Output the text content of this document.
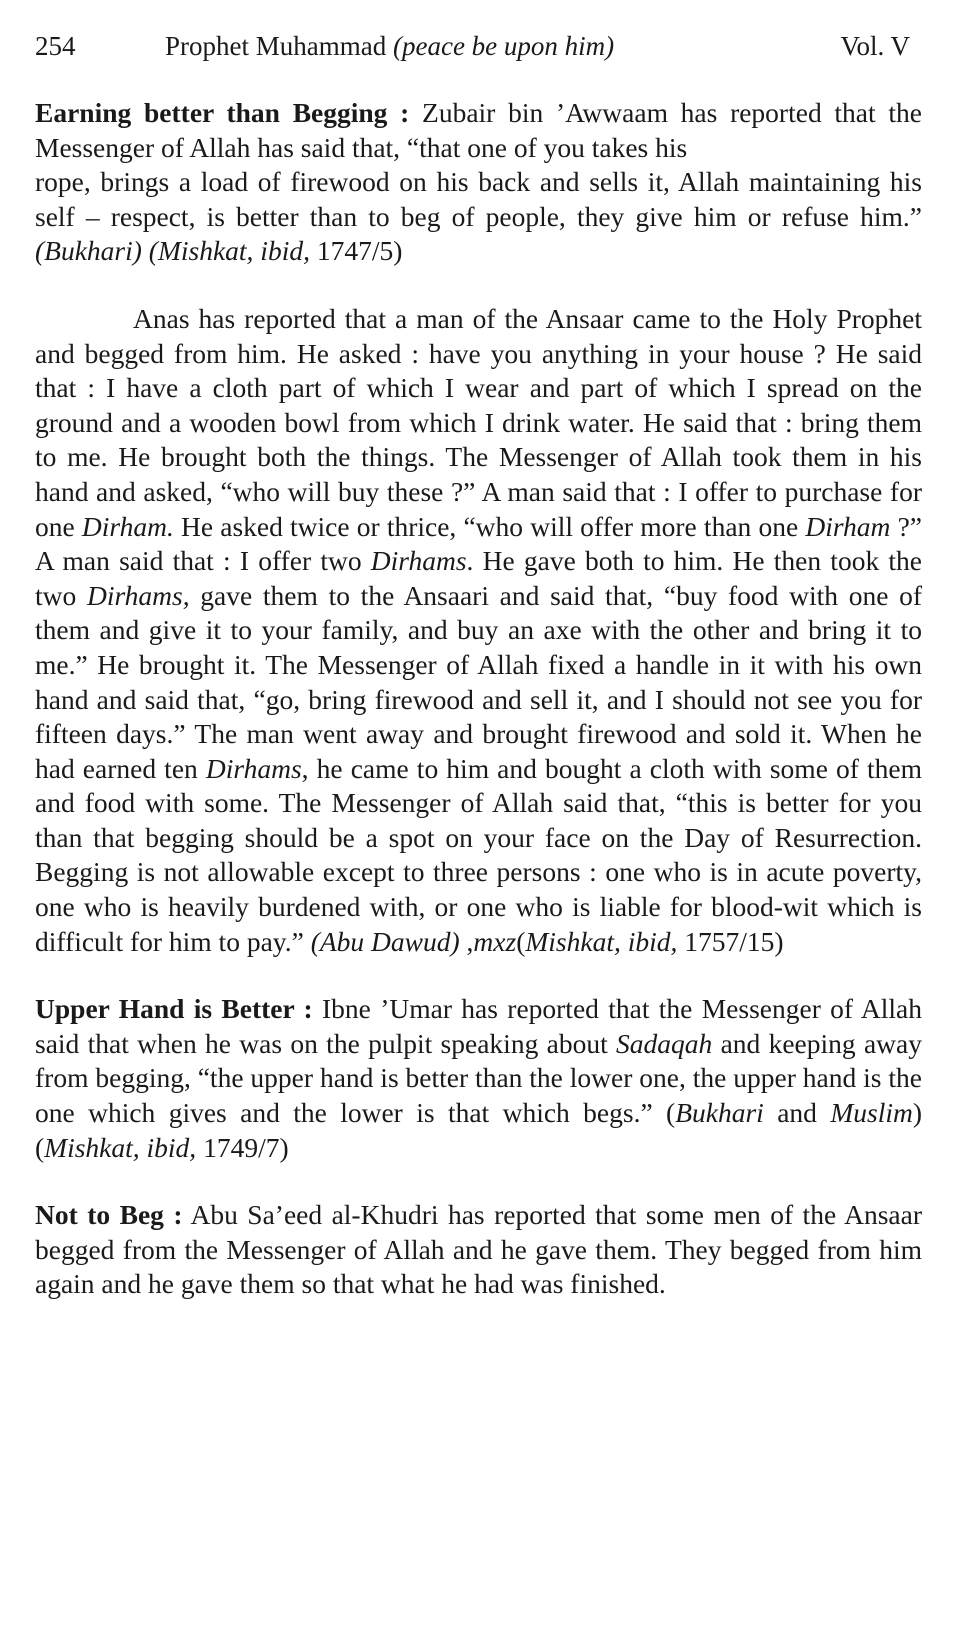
254	Prophet Muhammad (peace be upon him)	Vol. V

Earning better than Begging : Zubair bin ’Awwaam has reported that the Messenger of Allah has said that, “that one of you takes his

rope, brings a load of firewood on his back and sells it, Allah maintaining his self – respect, is better than to beg of people, they give him or refuse him.” (Bukhari) (Mishkat, ibid, 1747/5)

Anas has reported that a man of the Ansaar came to the Holy Prophet and begged from him. He asked : have you anything in your house ? He said that : I have a cloth part of which I wear and part of which I spread on the ground and a wooden bowl from which I drink water. He said that : bring them to me. He brought both the things. The Messenger of Allah took them in his hand and asked, “who will buy these ?” A man said that : I offer to purchase for one Dirham. He asked twice or thrice, “who will offer more than one Dirham ?” A man said that : I offer two Dirhams. He gave both to him. He then took the two Dirhams, gave them to the Ansaari and said that, “buy food with one of them and give it to your family, and buy an axe with the other and bring it to me.” He brought it. The Messenger of Allah fixed a handle in it with his own hand and said that, “go, bring firewood and sell it, and I should not see you for fifteen days.” The man went away and brought firewood and sold it. When he had earned ten Dirhams, he came to him and bought a cloth with some of them and food with some. The Messenger of Allah said that, “this is better for you than that begging should be a spot on your face on the Day of Resurrection. Begging is not allowable except to three persons : one who is in acute poverty, one who is heavily burdened with, or one who is liable for blood-wit which is difficult for him to pay.” (Abu Dawud) ,mxz(Mishkat, ibid, 1757/15)

Upper Hand is Better : Ibne ’Umar has reported that the Messenger of Allah said that when he was on the pulpit speaking about Sadaqah and keeping away from begging, “the upper hand is better than the lower one, the upper hand is the one which gives and the lower is that which begs.” (Bukhari and Muslim) (Mishkat, ibid, 1749/7)

Not to Beg : Abu Sa’eed al-Khudri has reported that some men of the Ansaar begged from the Messenger of Allah and he gave them. They begged from him again and he gave them so that what he had was finished.
